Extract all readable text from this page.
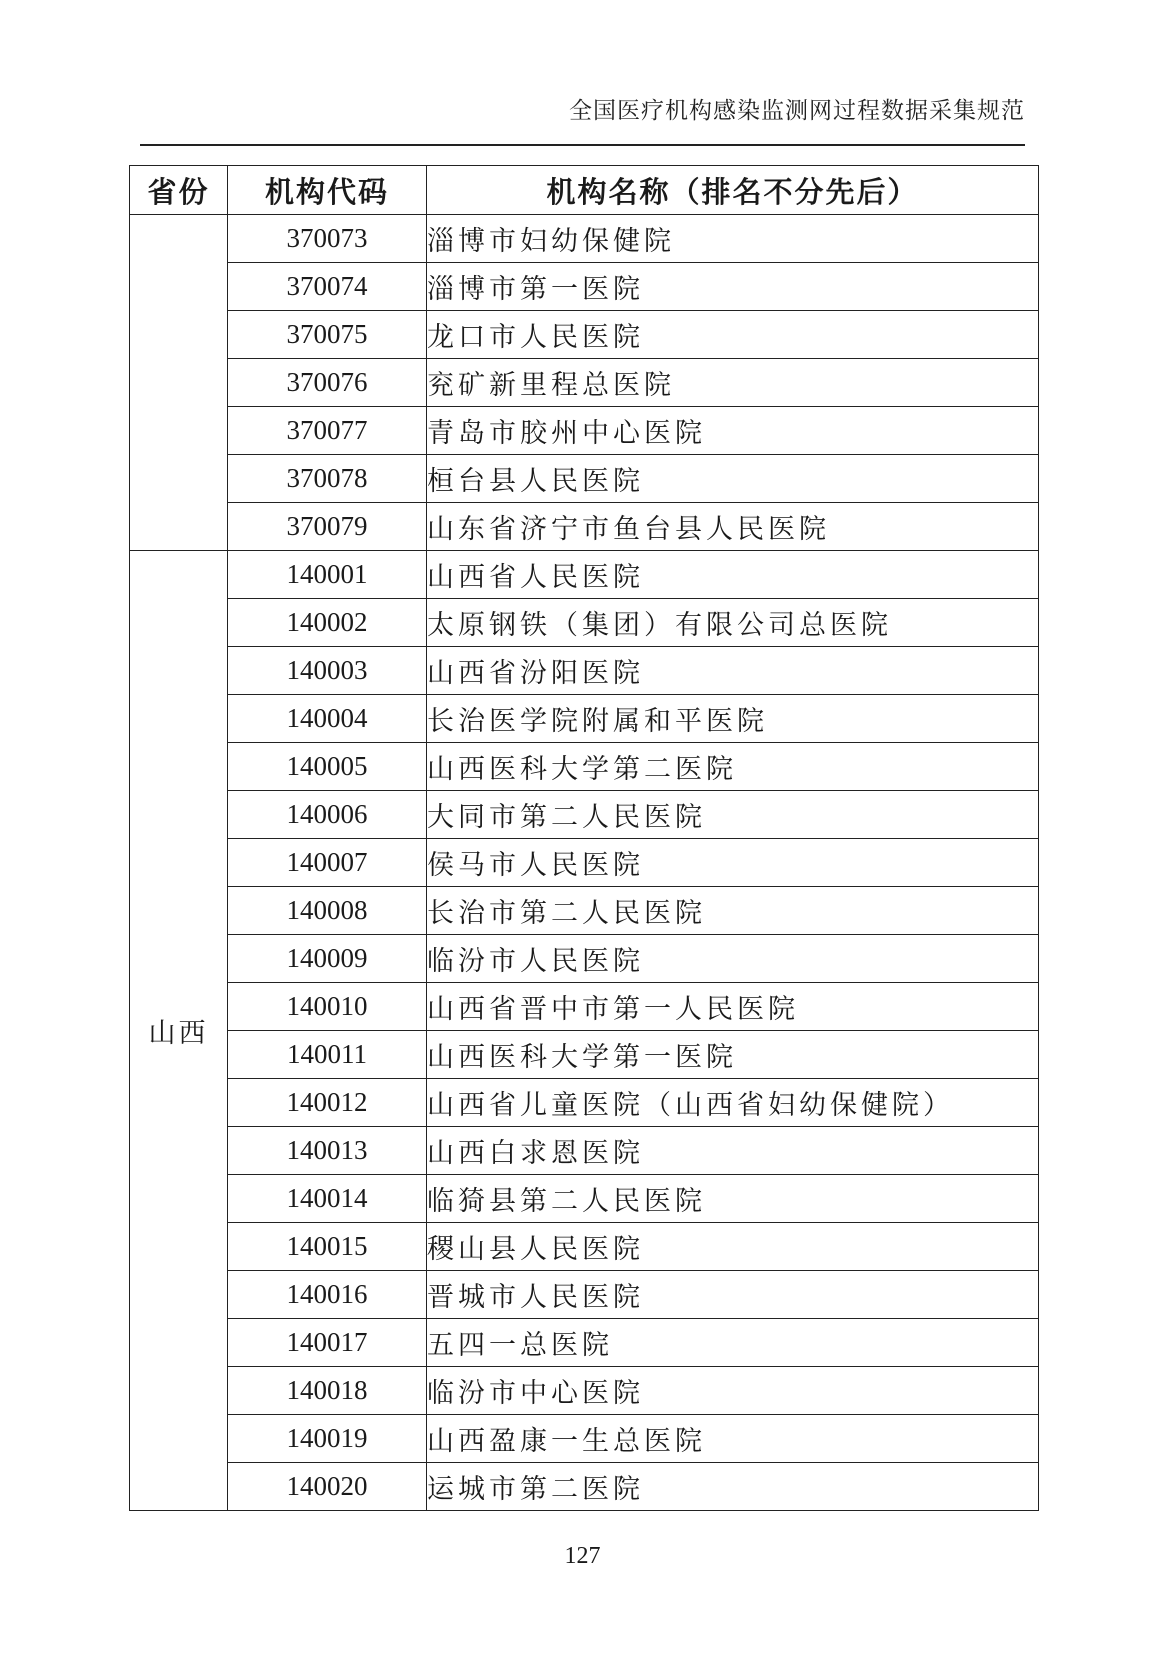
全国医疗机构感染监测网过程数据采集规范
省份	机构代码	机构名称（排名不分先后）
	370073	淄博市妇幼保健院
	370074	淄博市第一医院
	370075	龙口市人民医院
	370076	兖矿新里程总医院
	370077	青岛市胶州中心医院
	370078	桓台县人民医院
	370079	山东省济宁市鱼台县人民医院
山西	140001	山西省人民医院
	140002	太原钢铁（集团）有限公司总医院
	140003	山西省汾阳医院
	140004	长治医学院附属和平医院
	140005	山西医科大学第二医院
	140006	大同市第二人民医院
	140007	侯马市人民医院
	140008	长治市第二人民医院
	140009	临汾市人民医院
	140010	山西省晋中市第一人民医院
	140011	山西医科大学第一医院
	140012	山西省儿童医院（山西省妇幼保健院）
	140013	山西白求恩医院
	140014	临猗县第二人民医院
	140015	稷山县人民医院
	140016	晋城市人民医院
	140017	五四一总医院
	140018	临汾市中心医院
	140019	山西盈康一生总医院
	140020	运城市第二医院
127
